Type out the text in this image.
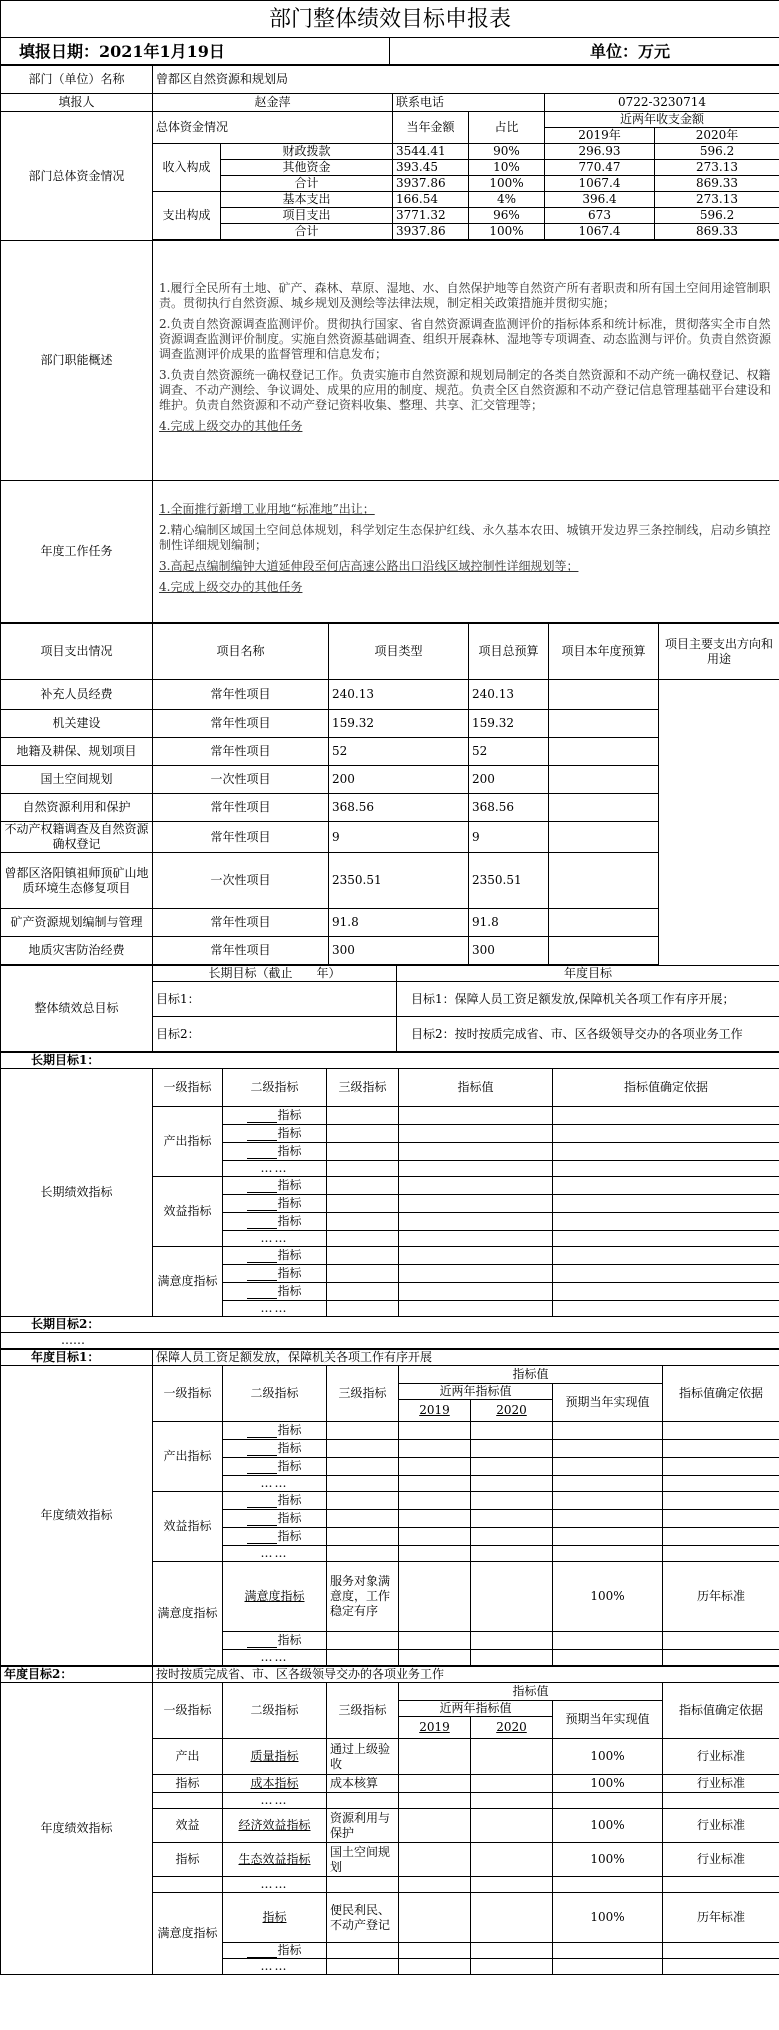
部门整体绩效目标申报表
填报日期：2021年1月19日	单位：万元
部门（单位）名称	曾都区自然资源和规划局					
填报人	赵金萍		联系电话		0722-3230714	
部门总体资金情况	总体资金情况		当年金额	占比	近两年收支金额	
					2019年	2020年
	收入构成	财政拨款	3544.41	90%	296.93	596.2
		其他资金	393.45	10%	770.47	273.13
		合计	3937.86	100%	1067.4	869.33
	支出构成	基本支出	166.54	4%	396.4	273.13
		项目支出	3771.32	96%	673	596.2
		合计	3937.86	100%	1067.4	869.33

部门职能概述	1.履行全民所有土地、矿产、森林、草原、湿地、水、自然保护地等自然资产所有者职责和所有国土空间用途管制职责。贯彻执行自然资源、城乡规划及测绘等法律法规，制定相关政策措施并贯彻实施；

2.负责自然资源调查监测评价。贯彻执行国家、省自然资源调查监测评价的指标体系和统计标准，贯彻落实全市自然资源调查监测评价制度。实施自然资源基础调查、组织开展森林、湿地等专项调查、动态监测与评价。负责自然资源调查监测评价成果的监督管理和信息发布；

3.负责自然资源统一确权登记工作。负责实施市自然资源和规划局制定的各类自然资源和不动产统一确权登记、权籍调查、不动产测绘、争议调处、成果的应用的制度、规范。负责全区自然资源和不动产登记信息管理基础平台建设和维护。负责自然资源和不动产登记资料收集、整理、共享、汇交管理等；

4.完成上级交办的其他任务					

年度工作任务	1.全面推行新增工业用地“标准地”出让；

2.精心编制区域国土空间总体规划，科学划定生态保护红线、永久基本农田、城镇开发边界三条控制线，启动乡镇控制性详细规划编制；

3.高起点编制编钟大道延伸段至何店高速公路出口沿线区域控制性详细规划等；

4.完成上级交办的其他任务					

项目支出情况	项目名称	项目类型	项目总预算	项目本年度预算	项目主要支出方向和用途
补充人员经费	常年性项目	240.13	240.13		
机关建设	常年性项目	159.32	159.32		
地籍及耕保、规划项目	常年性项目	52	52		
国土空间规划	一次性项目	200	200		
自然资源利用和保护	常年性项目	368.56	368.56		
不动产权籍调查及自然资源确权登记	常年性项目	9	9		
曾都区洛阳镇祖师顶矿山地质环境生态修复项目	一次性项目	2350.51	2350.51		
矿产资源规划编制与管理	常年性项目	91.8	91.8		
地质灾害防治经费	常年性项目	300	300		
整体绩效总目标	长期目标（截止　　年）	年度目标
	目标1：	目标1：保障人员工资足额发放,保障机关各项工作有序开展；
	目标2：	目标2：按时按质完成省、市、区各级领导交办的各项业务工作
长期目标1：					
长期绩效指标	一级指标	二级指标	三级指标	指标值	指标值确定依据
	产出指标	指标			
		指标			
		指标			
		……			
	效益指标	指标			
		指标			
		指标			
		……			
	满意度指标	指标			
		指标			
		指标			
		……			
长期目标2：					
……					
年度目标1：	保障人员工资足额发放，保障机关各项工作有序开展						
年度绩效指标	一级指标	二级指标	三级指标	指标值			指标值确定依据
				近两年指标值		预期当年实现值	
				2019	2020		
	产出指标	指标					
		指标					
		指标					
		……					
	效益指标	指标					
		指标					
		指标					
		……					
	满意度指标	满意度指标	服务对象满意度，工作稳定有序			100%	历年标准
		指标					
		……					
年度目标2：	按时按质完成省、市、区各级领导交办的各项业务工作						
年度绩效指标	一级指标	二级指标	三级指标	指标值			指标值确定依据
				近两年指标值		预期当年实现值	
				2019	2020		
	产出	质量指标	通过上级验收			100%	行业标准
	指标	成本指标	成本核算			100%	行业标准
		……					
	效益	经济效益指标	资源利用与保护			100%	行业标准
	指标	生态效益指标	国土空间规划			100%	行业标准
		……					
	满意度指标	指标	便民利民、不动产登记			100%	历年标准
		指标					
		……					
